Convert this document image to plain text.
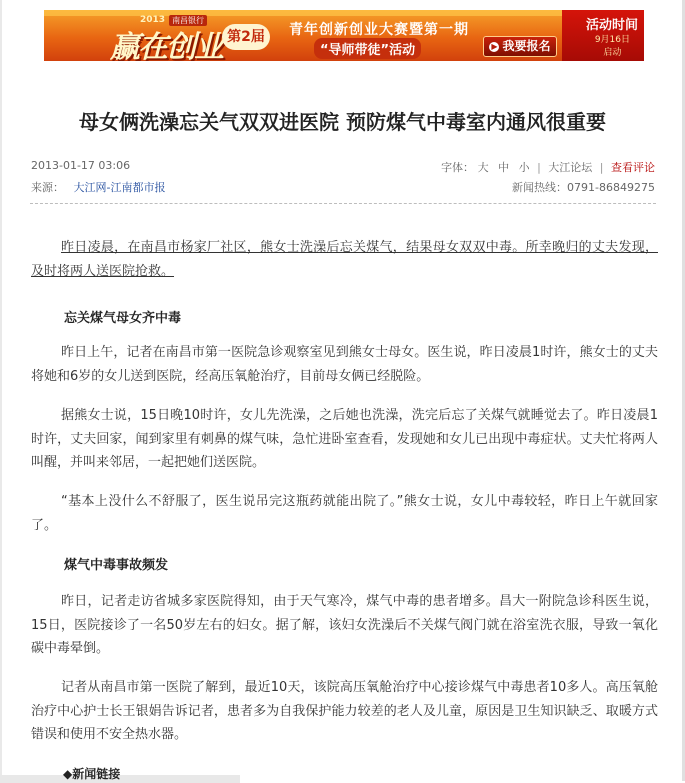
2013 南昌银行
赢在创业 第2届	青年创新创业大赛暨第一期
“导师带徒”活动	▶ 我要报名
活动时间
9月16日
启动
母女俩洗澡忘关气双双进医院 预防煤气中毒室内通风很重要
2013-01-17 03:06
来源： 大江网-江南都市报
字体： 大 中 小 | 大江论坛 | 查看评论
新闻热线：0791-86849275
昨日凌晨，在南昌市杨家厂社区，熊女士洗澡后忘关煤气，结果母女双双中毒。所幸晚归的丈夫发现，及时将两人送医院抢救。
忘关煤气母女齐中毒
昨日上午，记者在南昌市第一医院急诊观察室见到熊女士母女。医生说，昨日凌晨1时许，熊女士的丈夫将她和6岁的女儿送到医院，经高压氧舱治疗，目前母女俩已经脱险。
据熊女士说，15日晚10时许，女儿先洗澡，之后她也洗澡，洗完后忘了关煤气就睡觉去了。昨日凌晨1时许，丈夫回家，闻到家里有刺鼻的煤气味，急忙进卧室查看，发现她和女儿已出现中毒症状。丈夫忙将两人叫醒，并叫来邻居，一起把她们送医院。
“基本上没什么不舒服了，医生说吊完这瓶药就能出院了。”熊女士说，女儿中毒较轻，昨日上午就回家了。
煤气中毒事故频发
昨日，记者走访省城多家医院得知，由于天气寒冷，煤气中毒的患者增多。昌大一附院急诊科医生说，15日，医院接诊了一名50岁左右的妇女。据了解，该妇女洗澡后不关煤气阀门就在浴室洗衣服，导致一氧化碳中毒晕倒。
记者从南昌市第一医院了解到，最近10天，该院高压氧舱治疗中心接诊煤气中毒患者10多人。高压氧舱治疗中心护士长王银娟告诉记者，患者多为自我保护能力较差的老人及儿童，原因是卫生知识缺乏、取暖方式错误和使用不安全热水器。
◆新闻链接
